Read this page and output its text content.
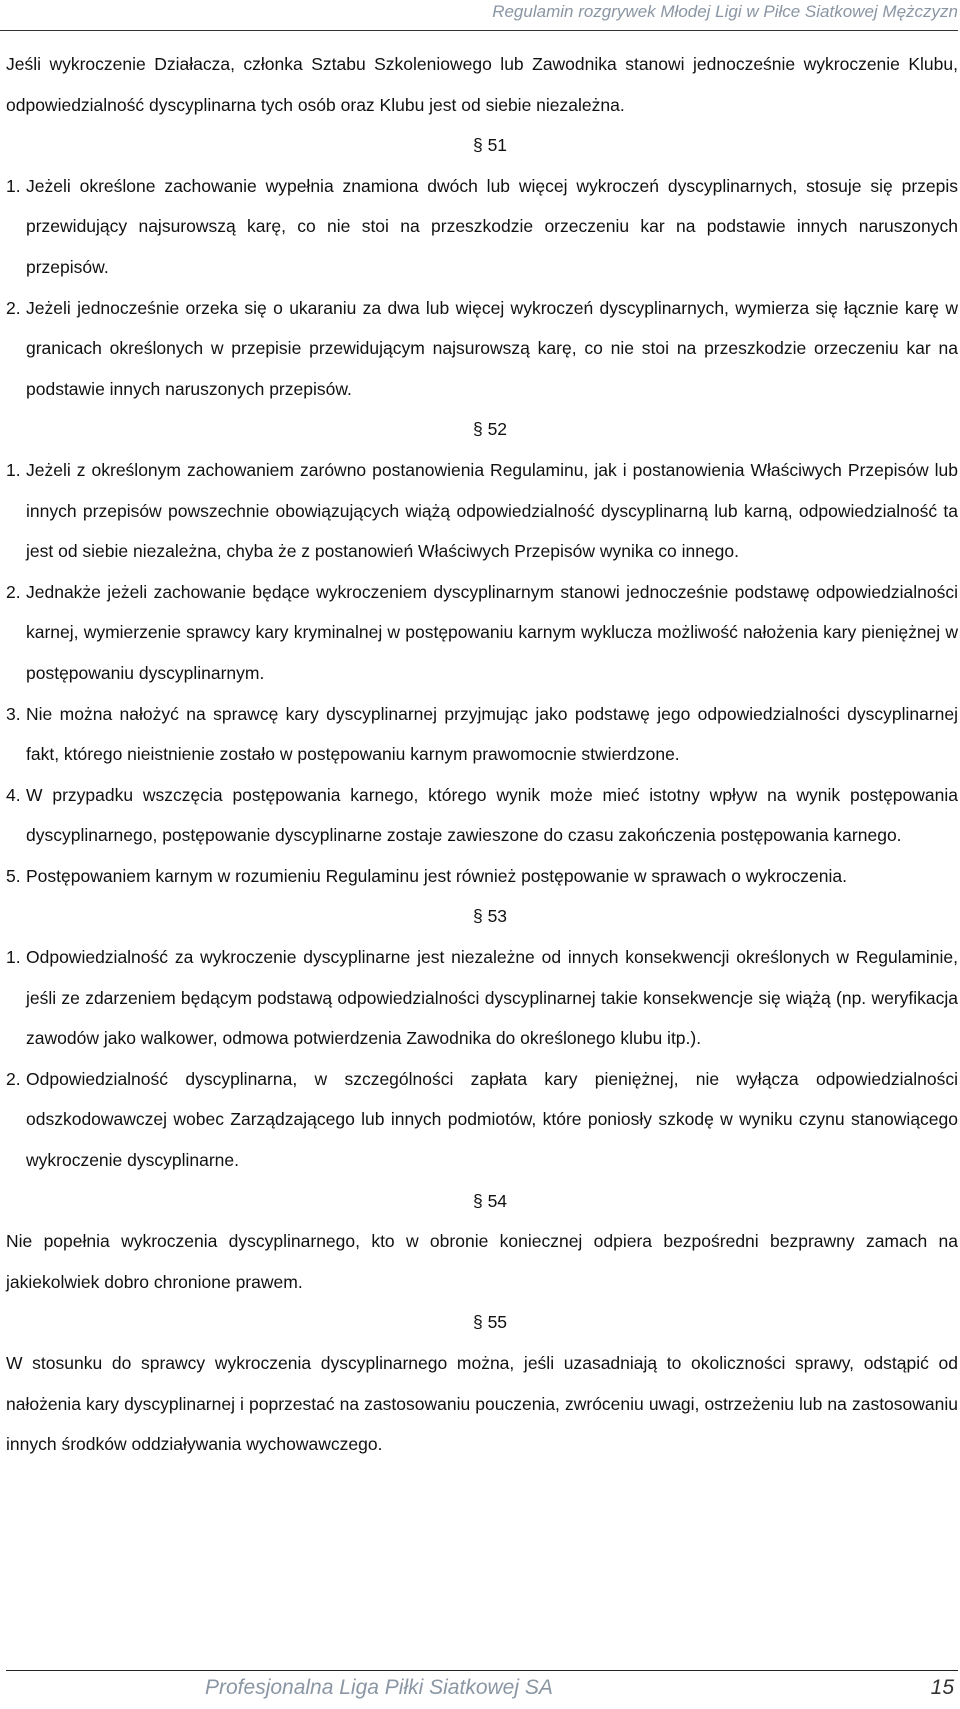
Regulamin rozgrywek Młodej Ligi w Piłce Siatkowej Mężczyzn

Jeśli wykroczenie Działacza, członka Sztabu Szkoleniowego lub Zawodnika stanowi jednocześnie wykroczenie Klubu, odpowiedzialność dyscyplinarna tych osób oraz Klubu jest od siebie niezależna.

§ 51

1. Jeżeli określone zachowanie wypełnia znamiona dwóch lub więcej wykroczeń dyscyplinarnych, stosuje się przepis przewidujący najsurowszą karę, co nie stoi na przeszkodzie orzeczeniu kar na podstawie innych naruszonych przepisów.
2. Jeżeli jednocześnie orzeka się o ukaraniu za dwa lub więcej wykroczeń dyscyplinarnych, wymierza się łącznie karę w granicach określonych w przepisie przewidującym najsurowszą karę, co nie stoi na przeszkodzie orzeczeniu kar na podstawie innych naruszonych przepisów.

§ 52

1. Jeżeli z określonym zachowaniem zarówno postanowienia Regulaminu, jak i postanowienia Właściwych Przepisów lub innych przepisów powszechnie obowiązujących wiążą odpowiedzialność dyscyplinarną lub karną, odpowiedzialność ta jest od siebie niezależna, chyba że z postanowień Właściwych Przepisów wynika co innego.
2. Jednakże jeżeli zachowanie będące wykroczeniem dyscyplinarnym stanowi jednocześnie podstawę odpowiedzialności karnej, wymierzenie sprawcy kary kryminalnej w postępowaniu karnym wyklucza możliwość nałożenia kary pieniężnej w postępowaniu dyscyplinarnym.
3. Nie można nałożyć na sprawcę kary dyscyplinarnej przyjmując jako podstawę jego odpowiedzialności dyscyplinarnej fakt, którego nieistnienie zostało w postępowaniu karnym prawomocnie stwierdzone.
4. W przypadku wszczęcia postępowania karnego, którego wynik może mieć istotny wpływ na wynik postępowania dyscyplinarnego, postępowanie dyscyplinarne zostaje zawieszone do czasu zakończenia postępowania karnego.
5. Postępowaniem karnym w rozumieniu Regulaminu jest również postępowanie w sprawach o wykroczenia.

§ 53

1. Odpowiedzialność za wykroczenie dyscyplinarne jest niezależne od innych konsekwencji określonych w Regulaminie, jeśli ze zdarzeniem będącym podstawą odpowiedzialności dyscyplinarnej takie konsekwencje się wiążą (np. weryfikacja zawodów jako walkower, odmowa potwierdzenia Zawodnika do określonego klubu itp.).
2. Odpowiedzialność dyscyplinarna, w szczególności zapłata kary pieniężnej, nie wyłącza odpowiedzialności odszkodowawczej wobec Zarządzającego lub innych podmiotów, które poniosły szkodę w wyniku czynu stanowiącego wykroczenie dyscyplinarne.

§ 54

Nie popełnia wykroczenia dyscyplinarnego, kto w obronie koniecznej odpiera bezpośredni bezprawny zamach na jakiekolwiek dobro chronione prawem.

§ 55

W stosunku do sprawcy wykroczenia dyscyplinarnego można, jeśli uzasadniają to okoliczności sprawy, odstąpić od nałożenia kary dyscyplinarnej i poprzestać na zastosowaniu pouczenia, zwróceniu uwagi, ostrzeżeniu lub na zastosowaniu innych środków oddziaływania wychowawczego.

Profesjonalna Liga Piłki Siatkowej SA	15
